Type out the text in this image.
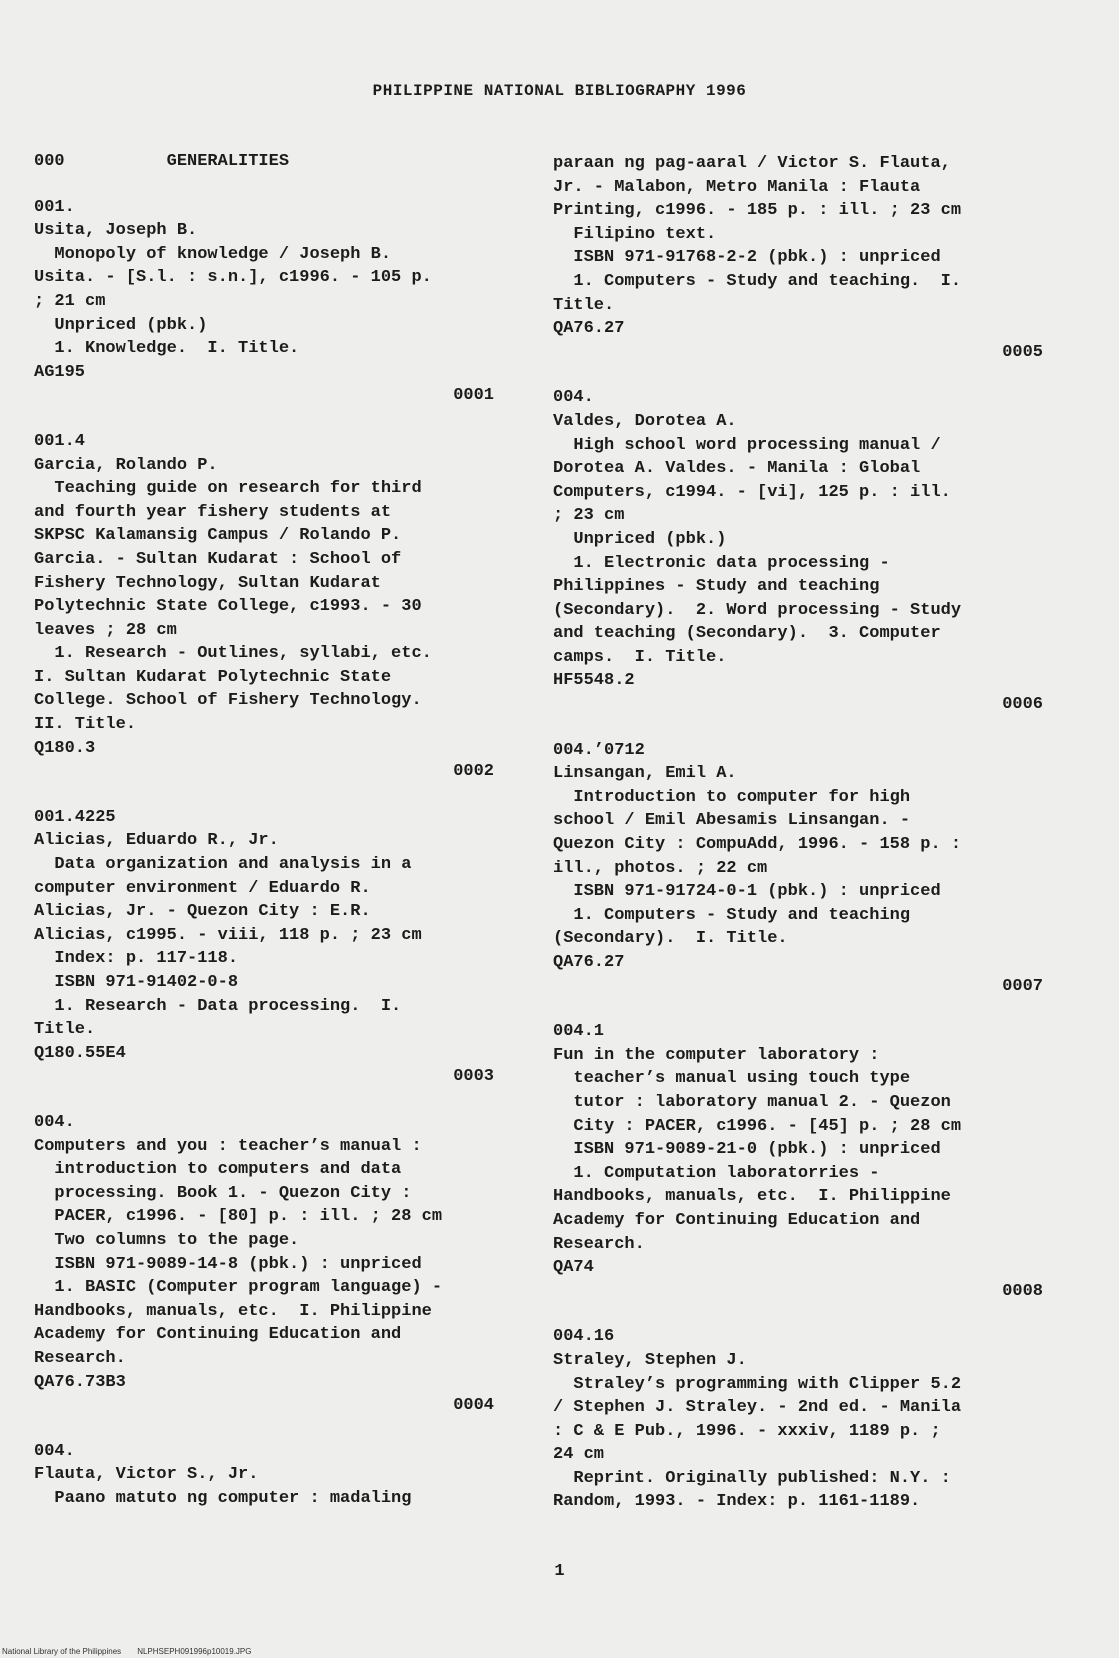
PHILIPPINE NATIONAL BIBLIOGRAPHY 1996
000          GENERALITIES
001.
Usita, Joseph B.
Monopoly of knowledge / Joseph B.
Usita. - [S.l. : s.n.], c1996. - 105 p.
; 21 cm
Unpriced (pbk.)
1. Knowledge.  I. Title.
AG195
0001
001.4
Garcia, Rolando P.
Teaching guide on research for third
and fourth year fishery students at
SKPSC Kalamansig Campus / Rolando P.
Garcia. - Sultan Kudarat : School of
Fishery Technology, Sultan Kudarat
Polytechnic State College, c1993. - 30
leaves ; 28 cm
1. Research - Outlines, syllabi, etc.
I. Sultan Kudarat Polytechnic State
College. School of Fishery Technology.
II. Title.
Q180.3
0002
001.4225
Alicias, Eduardo R., Jr.
Data organization and analysis in a
computer environment / Eduardo R.
Alicias, Jr. - Quezon City : E.R.
Alicias, c1995. - viii, 118 p. ; 23 cm
Index: p. 117-118.
ISBN 971-91402-0-8
1. Research - Data processing.  I.
Title.
Q180.55E4
0003
004.
Computers and you : teacher’s manual :
introduction to computers and data
processing. Book 1. - Quezon City :
PACER, c1996. - [80] p. : ill. ; 28 cm
Two columns to the page.
ISBN 971-9089-14-8 (pbk.) : unpriced
1. BASIC (Computer program language) -
Handbooks, manuals, etc.  I. Philippine
Academy for Continuing Education and
Research.
QA76.73B3
0004
004.
Flauta, Victor S., Jr.
Paano matuto ng computer : madaling
paraan ng pag-aaral / Victor S. Flauta,
Jr. - Malabon, Metro Manila : Flauta
Printing, c1996. - 185 p. : ill. ; 23 cm
Filipino text.
ISBN 971-91768-2-2 (pbk.) : unpriced
1. Computers - Study and teaching.  I.
Title.
QA76.27
0005
004.
Valdes, Dorotea A.
High school word processing manual /
Dorotea A. Valdes. - Manila : Global
Computers, c1994. - [vi], 125 p. : ill.
; 23 cm
Unpriced (pbk.)
1. Electronic data processing -
Philippines - Study and teaching
(Secondary).  2. Word processing - Study
and teaching (Secondary).  3. Computer
camps.  I. Title.
HF5548.2
0006
004.’0712
Linsangan, Emil A.
Introduction to computer for high
school / Emil Abesamis Linsangan. -
Quezon City : CompuAdd, 1996. - 158 p. :
ill., photos. ; 22 cm
ISBN 971-91724-0-1 (pbk.) : unpriced
1. Computers - Study and teaching
(Secondary).  I. Title.
QA76.27
0007
004.1
Fun in the computer laboratory :
teacher’s manual using touch type
tutor : laboratory manual 2. - Quezon
City : PACER, c1996. - [45] p. ; 28 cm
ISBN 971-9089-21-0 (pbk.) : unpriced
1. Computation laboratorries -
Handbooks, manuals, etc.  I. Philippine
Academy for Continuing Education and
Research.
QA74
0008
004.16
Straley, Stephen J.
Straley’s programming with Clipper 5.2
/ Stephen J. Straley. - 2nd ed. - Manila
: C & E Pub., 1996. - xxxiv, 1189 p. ;
24 cm
Reprint. Originally published: N.Y. :
Random, 1993. - Index: p. 1161-1189.
1
National Library of the Philippines NLPHSEPH091996p10019.JPG
